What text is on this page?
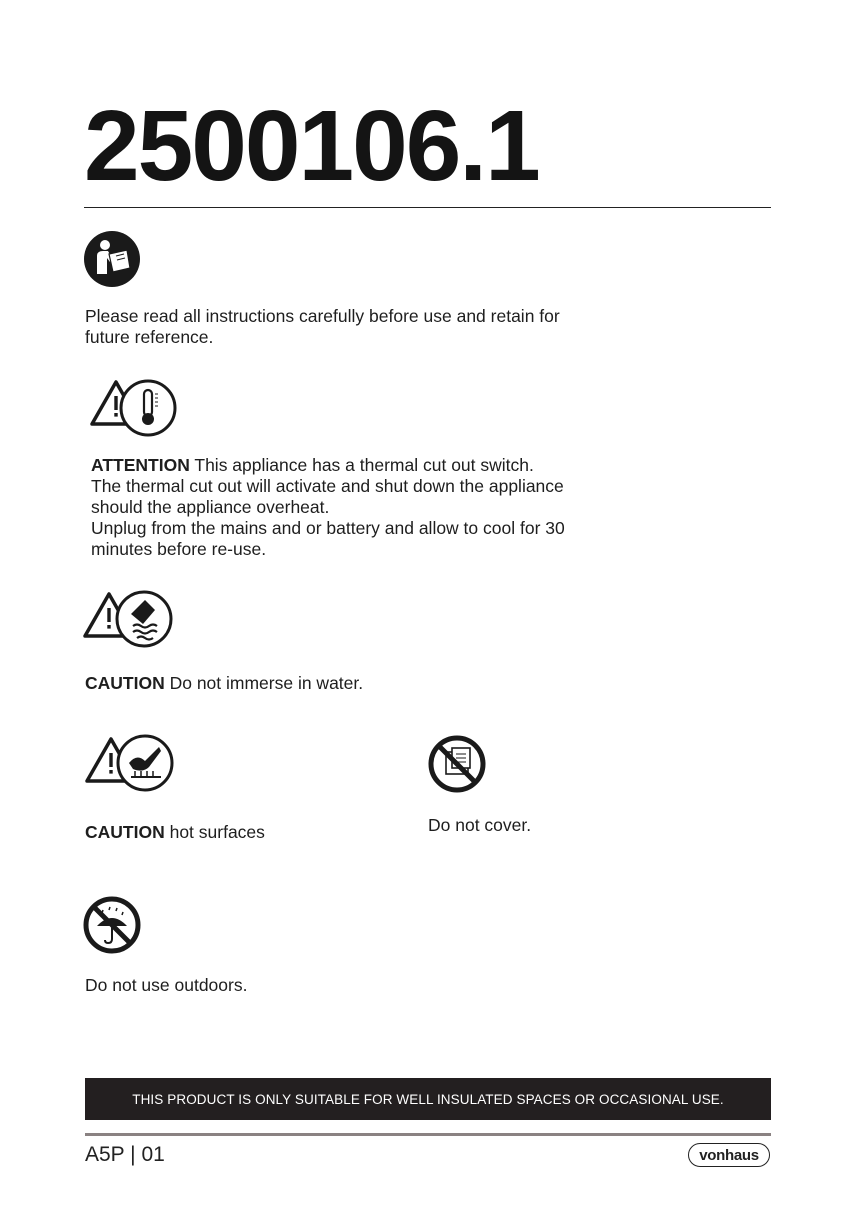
2500106.1
Please read all instructions carefully before use and retain for future reference.
ATTENTION This appliance has a thermal cut out switch.
The thermal cut out will activate and shut down the appliance should the appliance overheat.
Unplug from the mains and or battery and allow to cool for 30 minutes before re-use.
CAUTION Do not immerse in water.
CAUTION hot surfaces	Do not cover.
Do not use outdoors.
THIS PRODUCT IS ONLY SUITABLE FOR WELL INSULATED SPACES OR OCCASIONAL USE.
A5P | 01	vonhaus
